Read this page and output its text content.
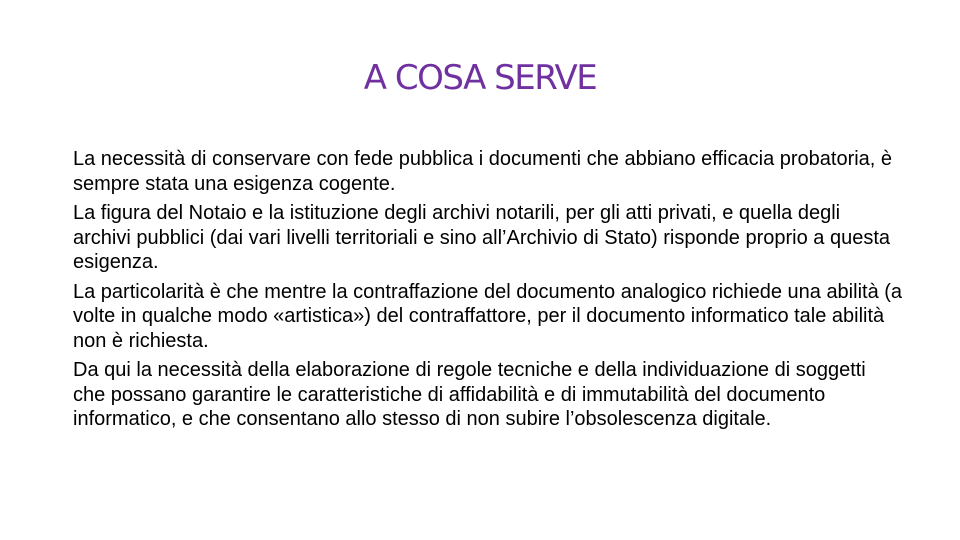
A COSA SERVE

La necessità di conservare con fede pubblica i documenti che abbiano efficacia probatoria, è sempre stata una esigenza cogente.

La figura del Notaio e la istituzione degli archivi notarili, per gli atti privati, e quella degli archivi pubblici (dai vari livelli territoriali e sino all’Archivio di Stato) risponde proprio a questa esigenza.

La particolarità è che mentre la contraffazione del documento analogico richiede una abilità (a volte in qualche modo «artistica») del contraffattore, per il documento informatico tale abilità non è richiesta.

Da qui la necessità della elaborazione di regole tecniche e della individuazione di soggetti che possano garantire le caratteristiche di affidabilità e di immutabilità del documento informatico, e che consentano allo stesso di non subire l’obsolescenza digitale.
